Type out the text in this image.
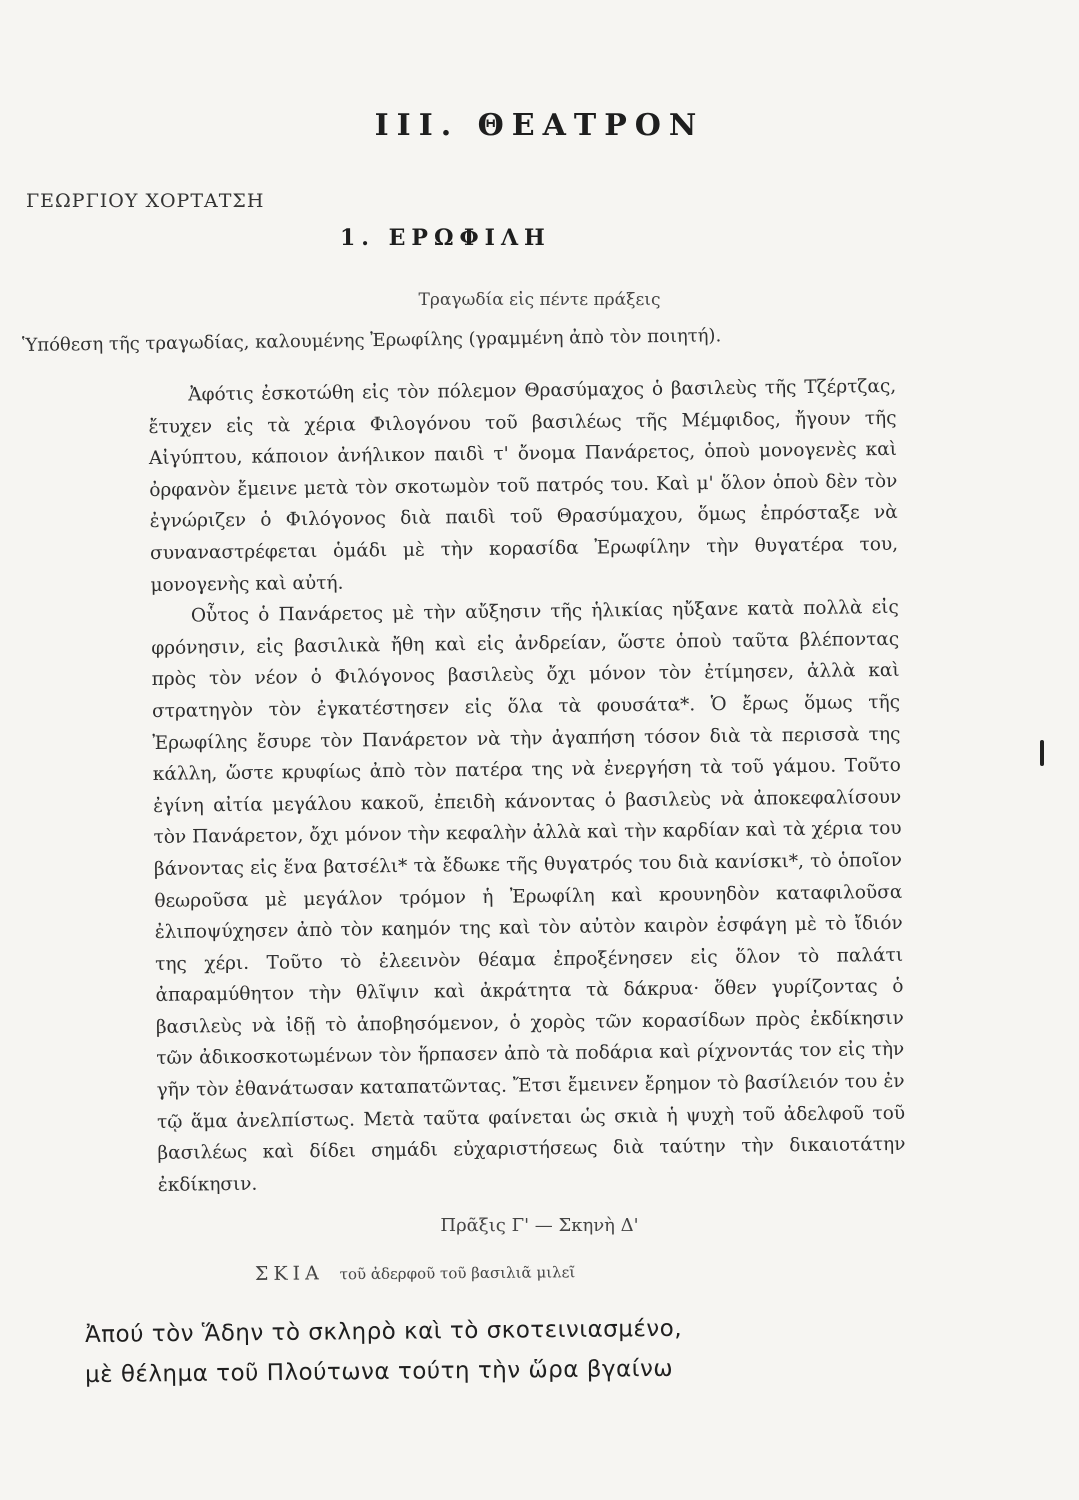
III. ΘΕΑΤΡΟΝ
ΓΕΩΡΓΙΟΥ ΧΟΡΤΑΤΣΗ
1. ΕΡΩΦΙΛΗ
Τραγωδία εἰς πέντε πράξεις
Ὑπόθεση τῆς τραγωδίας, καλουμένης Ἐρωφίλης (γραμμένη ἀπὸ τὸν ποιητή).

Ἀφότις ἐσκοτώθη εἰς τὸν πόλεμον Θρασύμαχος ὁ βασιλεὺς τῆς Τζέρτζας, ἔτυχεν εἰς τὰ χέρια Φιλογόνου τοῦ βασιλέως τῆς Μέμφιδος, ἤγουν τῆς Αἰγύπτου, κάποιον ἀνήλικον παιδὶ τ' ὄνομα Πανάρετος, ὁποὺ μονογενὲς καὶ ὀρφανὸν ἔμεινε μετὰ τὸν σκοτωμὸν τοῦ πατρός του. Καὶ μ' ὅλον ὁποὺ δὲν τὸν ἐγνώριζεν ὁ Φιλόγονος διὰ παιδὶ τοῦ Θρασύμαχου, ὅμως ἐπρόσταξε νὰ συναναστρέφεται ὁμάδι μὲ τὴν κορασίδα Ἐρωφίλην τὴν θυγατέρα του, μονογενὴς καὶ αὐτή.

Οὗτος ὁ Πανάρετος μὲ τὴν αὔξησιν τῆς ἡλικίας ηὔξανε κατὰ πολλὰ εἰς φρόνησιν, εἰς βασιλικὰ ἤθη καὶ εἰς ἀνδρείαν, ὥστε ὁποὺ ταῦτα βλέποντας πρὸς τὸν νέον ὁ Φιλόγονος βασιλεὺς ὄχι μόνον τὸν ἐτίμησεν, ἀλλὰ καὶ στρατηγὸν τὸν ἐγκατέστησεν εἰς ὅλα τὰ φουσάτα*. Ὁ ἔρως ὅμως τῆς Ἐρωφίλης ἔσυρε τὸν Πανάρετον νὰ τὴν ἀγαπήση τόσον διὰ τὰ περισσὰ της κάλλη, ὥστε κρυφίως ἀπὸ τὸν πατέρα της νὰ ἐνεργήση τὰ τοῦ γάμου. Τοῦτο ἐγίνη αἰτία μεγάλου κακοῦ, ἐπειδὴ κάνοντας ὁ βασιλεὺς νὰ ἀποκεφαλίσουν τὸν Πανάρετον, ὄχι μόνον τὴν κεφαλὴν ἀλλὰ καὶ τὴν καρδίαν καὶ τὰ χέρια του βάνοντας εἰς ἕνα βατσέλι* τὰ ἔδωκε τῆς θυγατρός του διὰ κανίσκι*, τὸ ὁποῖον θεωροῦσα μὲ μεγάλον τρόμον ἡ Ἐρωφίλη καὶ κρουνηδὸν καταφιλοῦσα ἐλιποψύχησεν ἀπὸ τὸν καημόν της καὶ τὸν αὐτὸν καιρὸν ἐσφάγη μὲ τὸ ἴδιόν της χέρι. Τοῦτο τὸ ἐλεεινὸν θέαμα ἐπροξένησεν εἰς ὅλον τὸ παλάτι ἀπαραμύθητον τὴν θλῖψιν καὶ ἀκράτητα τὰ δάκρυα· ὅθεν γυρίζοντας ὁ βασιλεὺς νὰ ἰδῇ τὸ ἀποβησόμενον, ὁ χορὸς τῶν κορασίδων πρὸς ἐκδίκησιν τῶν ἀδικοσκοτωμένων τὸν ἥρπασεν ἀπὸ τὰ ποδάρια καὶ ρίχνοντάς τον εἰς τὴν γῆν τὸν ἐθανάτωσαν καταπατῶντας. Ἔτσι ἔμεινεν ἔρημον τὸ βασίλειόν του ἐν τῷ ἅμα ἀνελπίστως. Μετὰ ταῦτα φαίνεται ὡς σκιὰ ἡ ψυχὴ τοῦ ἀδελφοῦ τοῦ βασιλέως καὶ δίδει σημάδι εὐχαριστήσεως διὰ ταύτην τὴν δικαιοτάτην ἐκδίκησιν.

Πρᾶξις Γ' — Σκηνὴ Δ'
ΣΚΙΑ τοῦ ἀδερφοῦ τοῦ βασιλιᾶ μιλεῖ
Ἀπού τὸν Ἅδην τὸ σκληρὸ καὶ τὸ σκοτεινιασμένο,
μὲ θέλημα τοῦ Πλούτωνα τούτη τὴν ὥρα βγαίνω
